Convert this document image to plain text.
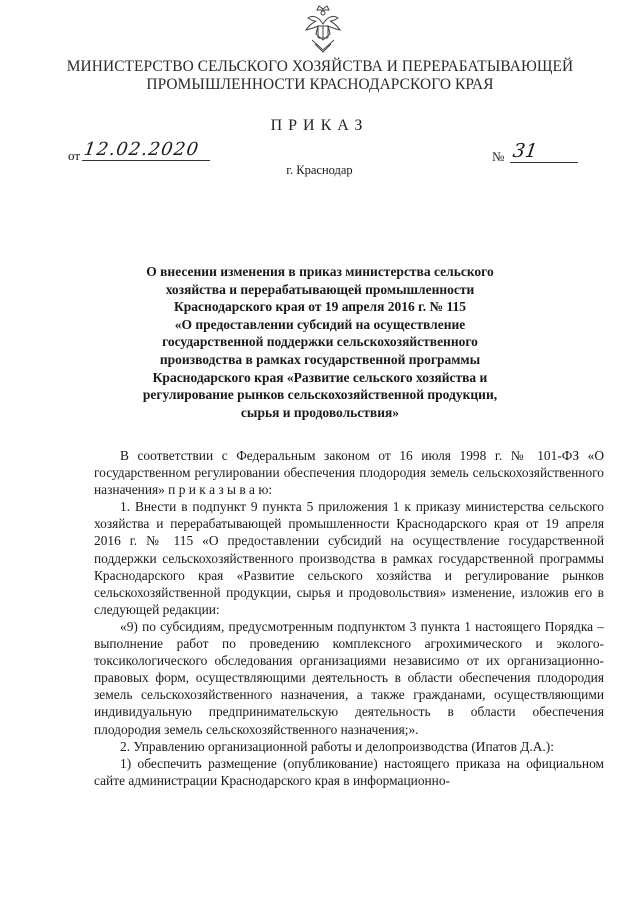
МИНИСТЕРСТВО СЕЛЬСКОГО ХОЗЯЙСТВА И ПЕРЕРАБАТЫВАЮЩЕЙ
ПРОМЫШЛЕННОСТИ КРАСНОДАРСКОГО КРАЯ
ПРИКАЗ
от 12.02.2020
г. Краснодар
№ 31
О внесении изменения в приказ министерства сельского
хозяйства и перерабатывающей промышленности
Краснодарского края от 19 апреля 2016 г. № 115
«О предоставлении субсидий на осуществление
государственной поддержки сельскохозяйственного
производства в рамках государственной программы
Краснодарского края «Развитие сельского хозяйства и
регулирование рынков сельскохозяйственной продукции,
сырья и продовольствия»

В соответствии с Федеральным законом от 16 июля 1998 г. № 101-ФЗ «О государственном регулировании обеспечения плодородия земель сельскохозяйственного назначения» п р и к а з ы в а ю:

1. Внести в подпункт 9 пункта 5 приложения 1 к приказу министерства сельского хозяйства и перерабатывающей промышленности Краснодарского края от 19 апреля 2016 г. № 115 «О предоставлении субсидий на осуществление государственной поддержки сельскохозяйственного производства в рамках государственной программы Краснодарского края «Развитие сельского хозяйства и регулирование рынков сельскохозяйственной продукции, сырья и продовольствия» изменение, изложив его в следующей редакции:

«9) по субсидиям, предусмотренным подпунктом 3 пункта 1 настоящего Порядка – выполнение работ по проведению комплексного агрохимического и эколого-токсикологического обследования организациями независимо от их организационно-правовых форм, осуществляющими деятельность в области обеспечения плодородия земель сельскохозяйственного назначения, а также гражданами, осуществляющими индивидуальную предпринимательскую деятельность в области обеспечения плодородия земель сельскохозяйственного назначения;».

2. Управлению организационной работы и делопроизводства (Ипатов Д.А.):

1) обеспечить размещение (опубликование) настоящего приказа на официальном сайте администрации Краснодарского края в информационно-
